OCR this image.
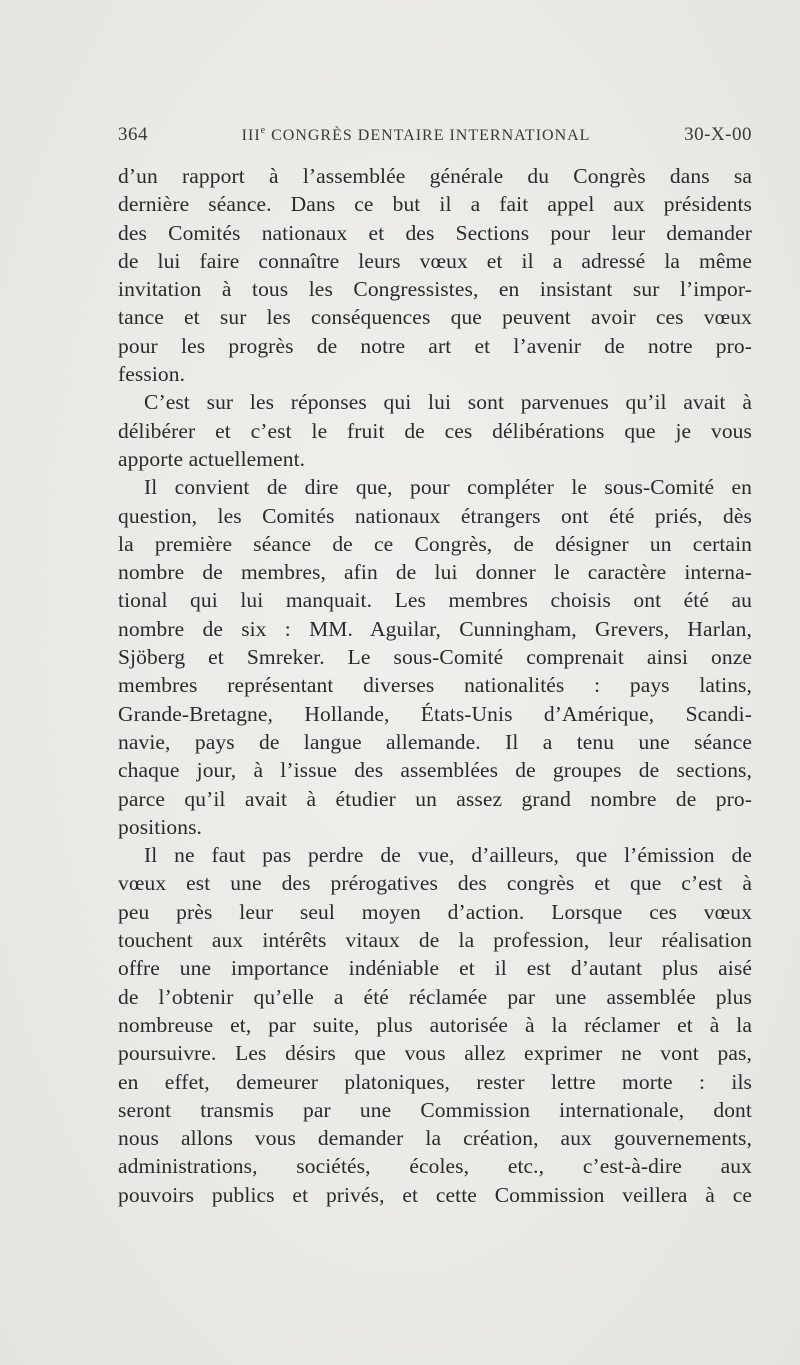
364	IIIe CONGRÈS DENTAIRE INTERNATIONAL	30-X-00
d’un rapport à l’assemblée générale du Congrès dans sa
dernière séance. Dans ce but il a fait appel aux présidents
des Comités nationaux et des Sections pour leur demander
de lui faire connaître leurs vœux et il a adressé la même
invitation à tous les Congressistes, en insistant sur l’impor-
tance et sur les conséquences que peuvent avoir ces vœux
pour les progrès de notre art et l’avenir de notre pro-
fession.
C’est sur les réponses qui lui sont parvenues qu’il avait à
délibérer et c’est le fruit de ces délibérations que je vous
apporte actuellement.
Il convient de dire que, pour compléter le sous-Comité en
question, les Comités nationaux étrangers ont été priés, dès
la première séance de ce Congrès, de désigner un certain
nombre de membres, afin de lui donner le caractère interna-
tional qui lui manquait. Les membres choisis ont été au
nombre de six : MM. Aguilar, Cunningham, Grevers, Harlan,
Sjöberg et Smreker. Le sous-Comité comprenait ainsi onze
membres représentant diverses nationalités : pays latins,
Grande-Bretagne, Hollande, États-Unis d’Amérique, Scandi-
navie, pays de langue allemande. Il a tenu une séance
chaque jour, à l’issue des assemblées de groupes de sections,
parce qu’il avait à étudier un assez grand nombre de pro-
positions.
Il ne faut pas perdre de vue, d’ailleurs, que l’émission de
vœux est une des prérogatives des congrès et que c’est à
peu près leur seul moyen d’action. Lorsque ces vœux
touchent aux intérêts vitaux de la profession, leur réalisation
offre une importance indéniable et il est d’autant plus aisé
de l’obtenir qu’elle a été réclamée par une assemblée plus
nombreuse et, par suite, plus autorisée à la réclamer et à la
poursuivre. Les désirs que vous allez exprimer ne vont pas,
en effet, demeurer platoniques, rester lettre morte : ils
seront transmis par une Commission internationale, dont
nous allons vous demander la création, aux gouvernements,
administrations, sociétés, écoles, etc., c’est-à-dire aux
pouvoirs publics et privés, et cette Commission veillera à ce
